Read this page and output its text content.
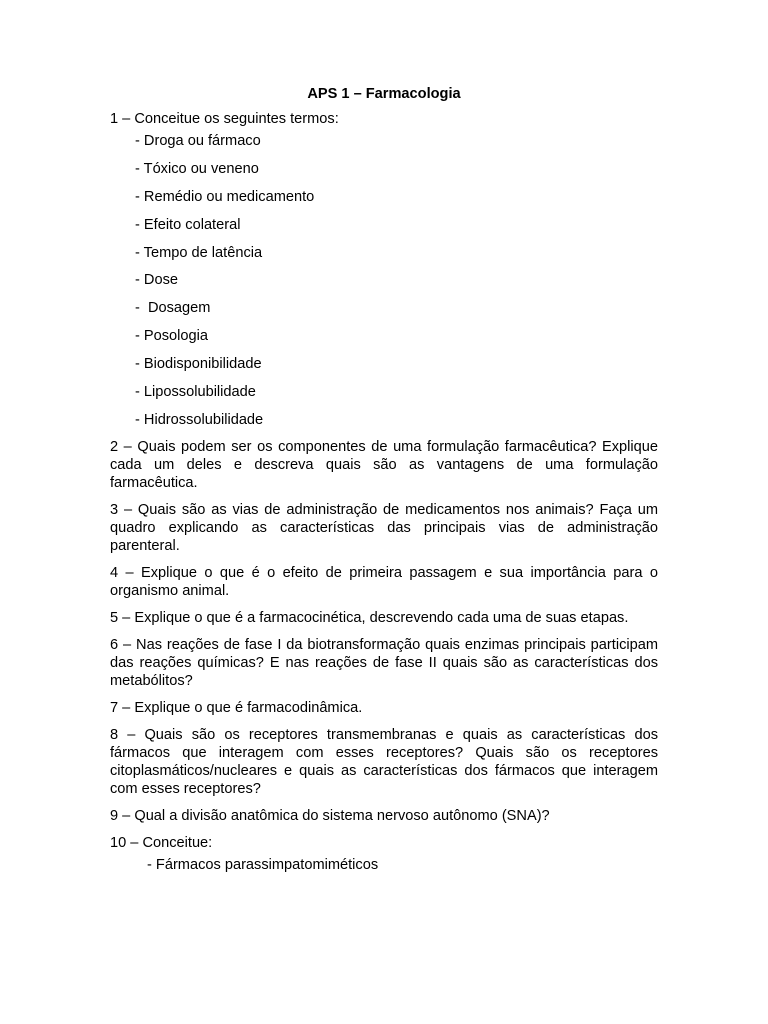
APS 1 – Farmacologia

1 – Conceitue os seguintes termos:

- Droga ou fármaco
- Tóxico ou veneno
- Remédio ou medicamento
- Efeito colateral
- Tempo de latência
- Dose
-  Dosagem
- Posologia
- Biodisponibilidade
- Lipossolubilidade
- Hidrossolubilidade

2 – Quais podem ser os componentes de uma formulação farmacêutica? Explique cada um deles e descreva quais são as vantagens de uma formulação farmacêutica.

3 – Quais são as vias de administração de medicamentos nos animais? Faça um quadro explicando as características das principais vias de administração parenteral.

4 – Explique o que é o efeito de primeira passagem e sua importância para o organismo animal.

5 – Explique o que é a farmacocinética, descrevendo cada uma de suas etapas.

6 – Nas reações de fase I da biotransformação quais enzimas principais participam das reações químicas? E nas reações de fase II quais são as características dos metabólitos?

7 – Explique o que é farmacodinâmica.

8 – Quais são os receptores transmembranas e quais as características dos fármacos que interagem com esses receptores? Quais são os receptores citoplasmáticos/nucleares e quais as características dos fármacos que interagem com esses receptores?

9 – Qual a divisão anatômica do sistema nervoso autônomo (SNA)?

10 – Conceitue:

- Fármacos parassimpatomiméticos
